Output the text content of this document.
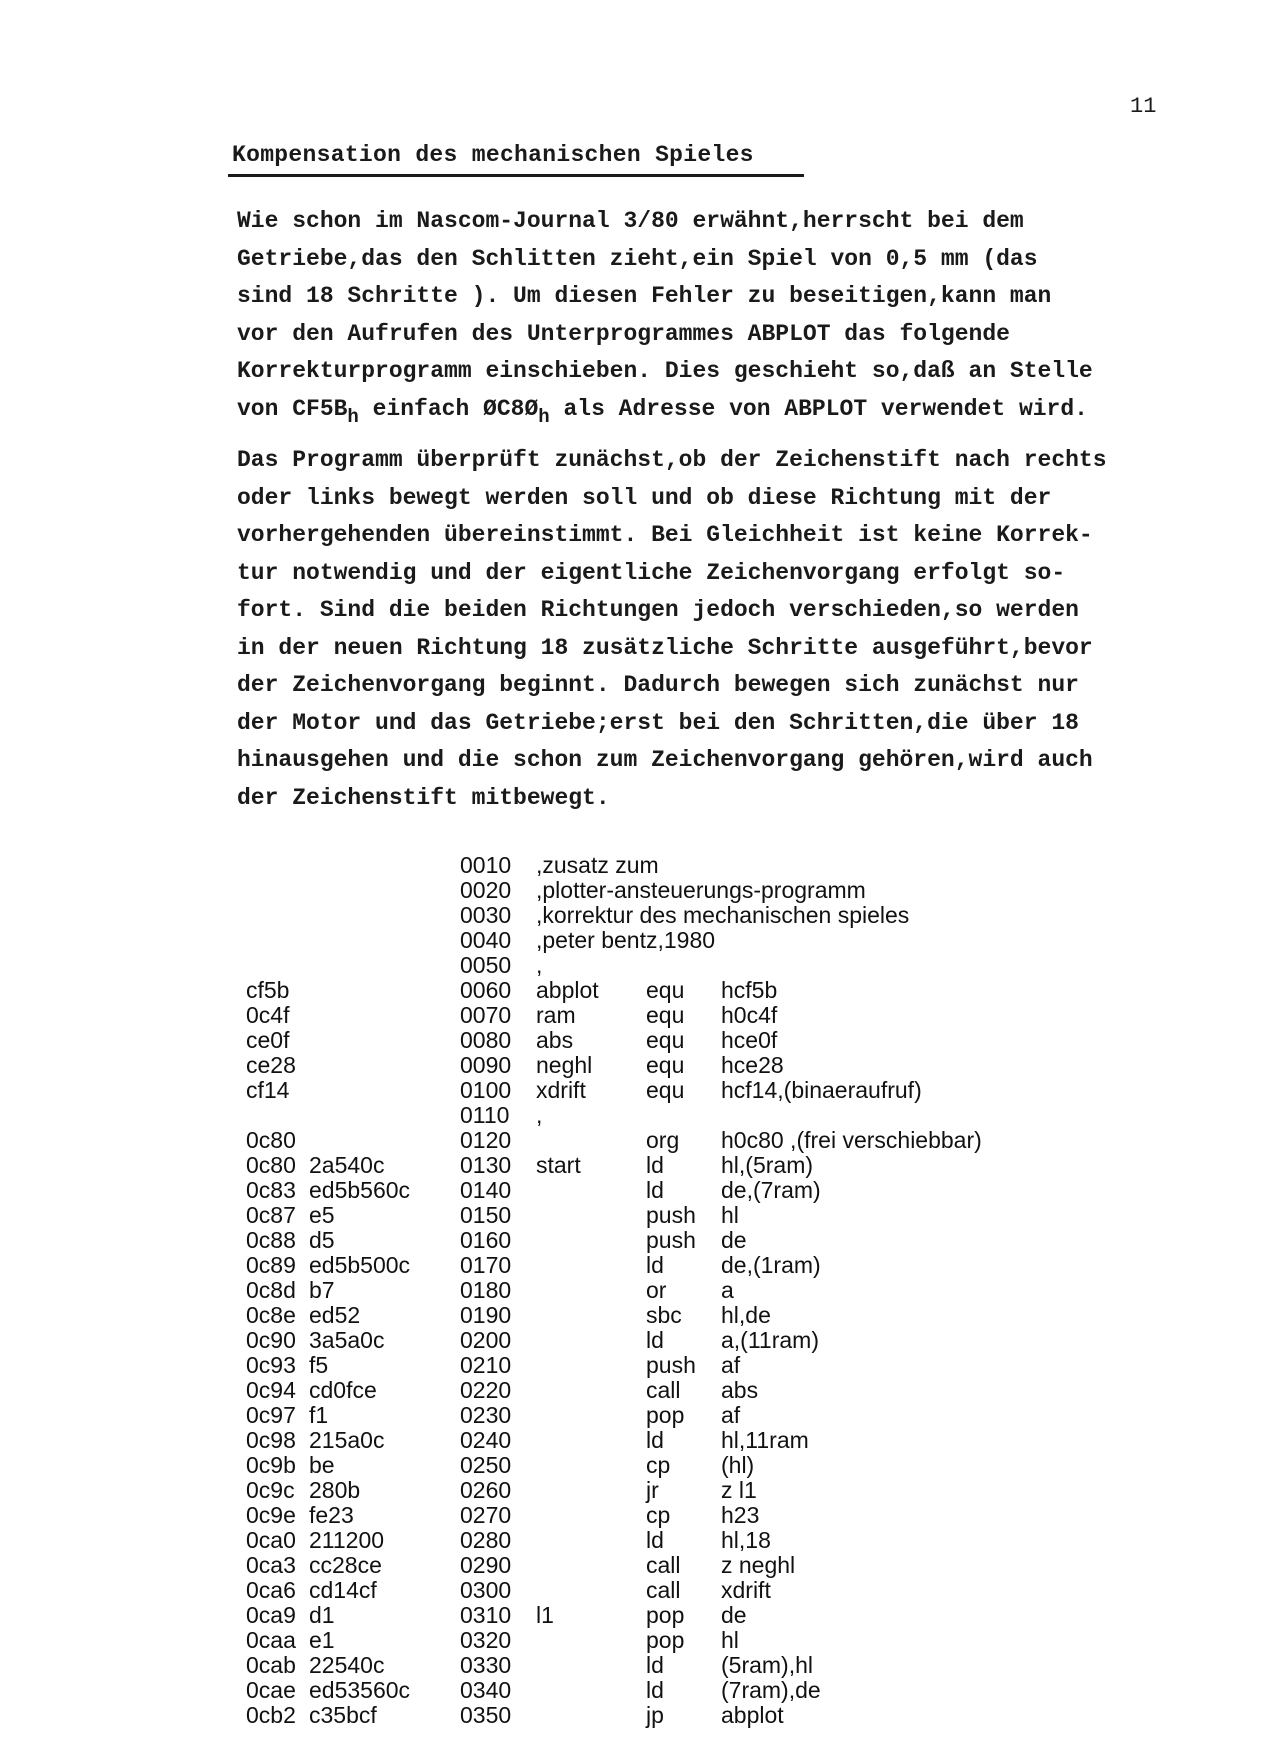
11
Kompensation des mechanischen Spieles
Wie schon im Nascom-Journal 3/80 erwähnt,herrscht bei dem
Getriebe,das den Schlitten zieht,ein Spiel von 0,5 mm (das
sind 18 Schritte ). Um diesen Fehler zu beseitigen,kann man
vor den Aufrufen des Unterprogrammes ABPLOT das folgende
Korrekturprogramm einschieben. Dies geschieht so,daß an Stelle
von $CF5B_h$ einfach $ØC8Ø_h$ als Adresse von ABPLOT verwendet wird.
Das Programm überprüft zunächst,ob der Zeichenstift nach rechts
oder links bewegt werden soll und ob diese Richtung mit der
vorhergehenden übereinstimmt. Bei Gleichheit ist keine Korrek-
tur notwendig und der eigentliche Zeichenvorgang erfolgt so-
fort. Sind die beiden Richtungen jedoch verschieden,so werden
in der neuen Richtung 18 zusätzliche Schritte ausgeführt,bevor
der Zeichenvorgang beginnt. Dadurch bewegen sich zunächst nur
der Motor und das Getriebe;erst bei den Schritten,die über 18
hinausgehen und die schon zum Zeichenvorgang gehören,wird auch
der Zeichenstift mitbewegt.
0010 ,zusatz zum
0020 ,plotter-ansteuerungs-programm
0030 ,korrektur des mechanischen spieles
0040 ,peter bentz,1980
0050 ,
cf5b	0060 abplot equ hcf5b
0c4f	0070 ram	equ h0c4f
ce0f	0080 abs	equ hce0f
ce28	0090 neghl equ hce28
cf14	0100 xdrift	equ hcf14,(binaeraufruf)
0110 ,
0c80	0120	org h0c80 ,(frei verschiebbar)
0c80 2a540c	0130 start	ld hl,(5ram)
0c83 ed5b560c 0140	ld de,(7ram)
0c87 e5	0150	push hl
0c88 d5	0160	push de
0c89 ed5b500c 0170	ld de,(1ram)
0c8d b7	0180	or a
0c8e ed52	0190	sbc hl,de
0c90 3a5a0c	0200	ld a,(11ram)
0c93 f5	0210	push af
0c94 cd0fce	0220	call abs
0c97 f1	0230	pop af
0c98 215a0c	0240	ld hl,11ram
0c9b be	0250	cp (hl)
0c9c 280b	0260	jr	z l1
0c9e fe23	0270	cp h23
0ca0 211200	0280	ld hl,18
0ca3 cc28ce	0290	call z neghl
0ca6 cd14cf	0300	call xdrift
0ca9 d1	0310 l1	pop de
0caa e1	0320	pop hl
0cab 22540c	0330	ld (5ram),hl
0cae ed53560c 0340	ld (7ram),de
0cb2 c35bcf	0350	jp abplot
